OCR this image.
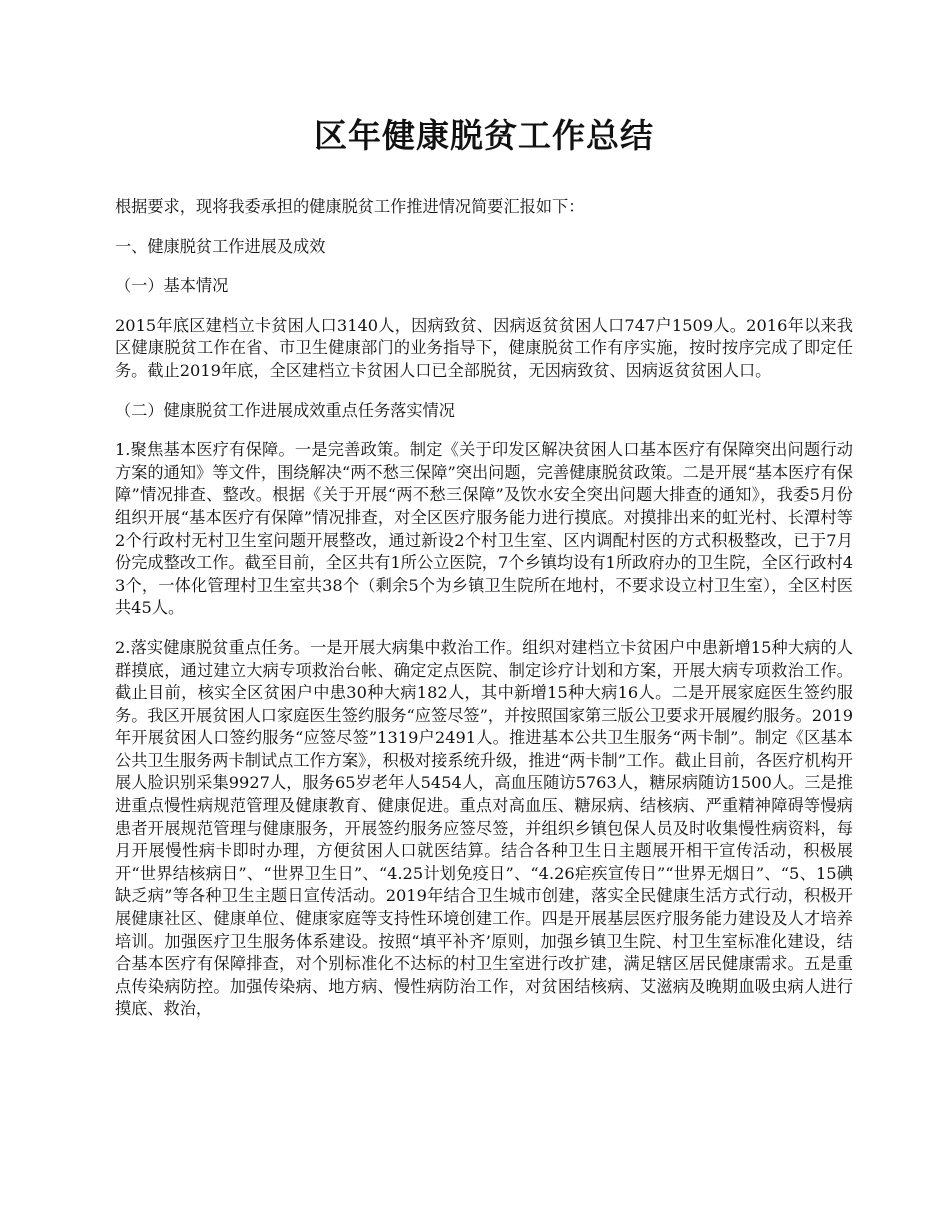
区年健康脱贫工作总结

根据要求，现将我委承担的健康脱贫工作推进情况简要汇报如下：

一、健康脱贫工作进展及成效

（一）基本情况

2015年底区建档立卡贫困人口3140人，因病致贫、因病返贫贫困人口747户1509人。2016年以来我区健康脱贫工作在省、市卫生健康部门的业务指导下，健康脱贫工作有序实施，按时按序完成了即定任务。截止2019年底，全区建档立卡贫困人口已全部脱贫，无因病致贫、因病返贫贫困人口。

（二）健康脱贫工作进展成效重点任务落实情况

1.聚焦基本医疗有保障。一是完善政策。制定《关于印发区解决贫困人口基本医疗有保障突出问题行动方案的通知》等文件，围绕解决“两不愁三保障”突出问题，完善健康脱贫政策。二是开展“基本医疗有保障”情况排查、整改。根据《关于开展“两不愁三保障”及饮水安全突出问题大排查的通知》，我委5月份组织开展“基本医疗有保障”情况排查，对全区医疗服务能力进行摸底。对摸排出来的虹光村、长潭村等2个行政村无村卫生室问题开展整改，通过新设2个村卫生室、区内调配村医的方式积极整改，已于7月份完成整改工作。截至目前，全区共有1所公立医院，7个乡镇均设有1所政府办的卫生院，全区行政村43个，一体化管理村卫生室共38个（剩余5个为乡镇卫生院所在地村，不要求设立村卫生室），全区村医共45人。

2.落实健康脱贫重点任务。一是开展大病集中救治工作。组织对建档立卡贫困户中患新增15种大病的人群摸底，通过建立大病专项救治台帐、确定定点医院、制定诊疗计划和方案，开展大病专项救治工作。截止目前，核实全区贫困户中患30种大病182人，其中新增15种大病16人。二是开展家庭医生签约服务。我区开展贫困人口家庭医生签约服务“应签尽签”，并按照国家第三版公卫要求开展履约服务。2019年开展贫困人口签约服务“应签尽签”1319户2491人。推进基本公共卫生服务“两卡制”。制定《区基本公共卫生服务两卡制试点工作方案》，积极对接系统升级，推进“两卡制”工作。截止目前，各医疗机构开展人脸识别采集9927人，服务65岁老年人5454人，高血压随访5763人，糖尿病随访1500人。三是推进重点慢性病规范管理及健康教育、健康促进。重点对高血压、糖尿病、结核病、严重精神障碍等慢病患者开展规范管理与健康服务，开展签约服务应签尽签，并组织乡镇包保人员及时收集慢性病资料，每月开展慢性病卡即时办理，方便贫困人口就医结算。结合各种卫生日主题展开相干宣传活动，积极展开“世界结核病日”、“世界卫生日”、“4.25计划免疫日”、“4.26疟疾宣传日”“世界无烟日”、“5、15碘缺乏病”等各种卫生主题日宣传活动。2019年结合卫生城市创建，落实全民健康生活方式行动，积极开展健康社区、健康单位、健康家庭等支持性环境创建工作。四是开展基层医疗服务能力建设及人才培养培训。加强医疗卫生服务体系建设。按照“填平补齐’原则，加强乡镇卫生院、村卫生室标准化建设，结合基本医疗有保障排查，对个别标准化不达标的村卫生室进行改扩建，满足辖区居民健康需求。五是重点传染病防控。加强传染病、地方病、慢性病防治工作，对贫困结核病、艾滋病及晚期血吸虫病人进行摸底、救治，
